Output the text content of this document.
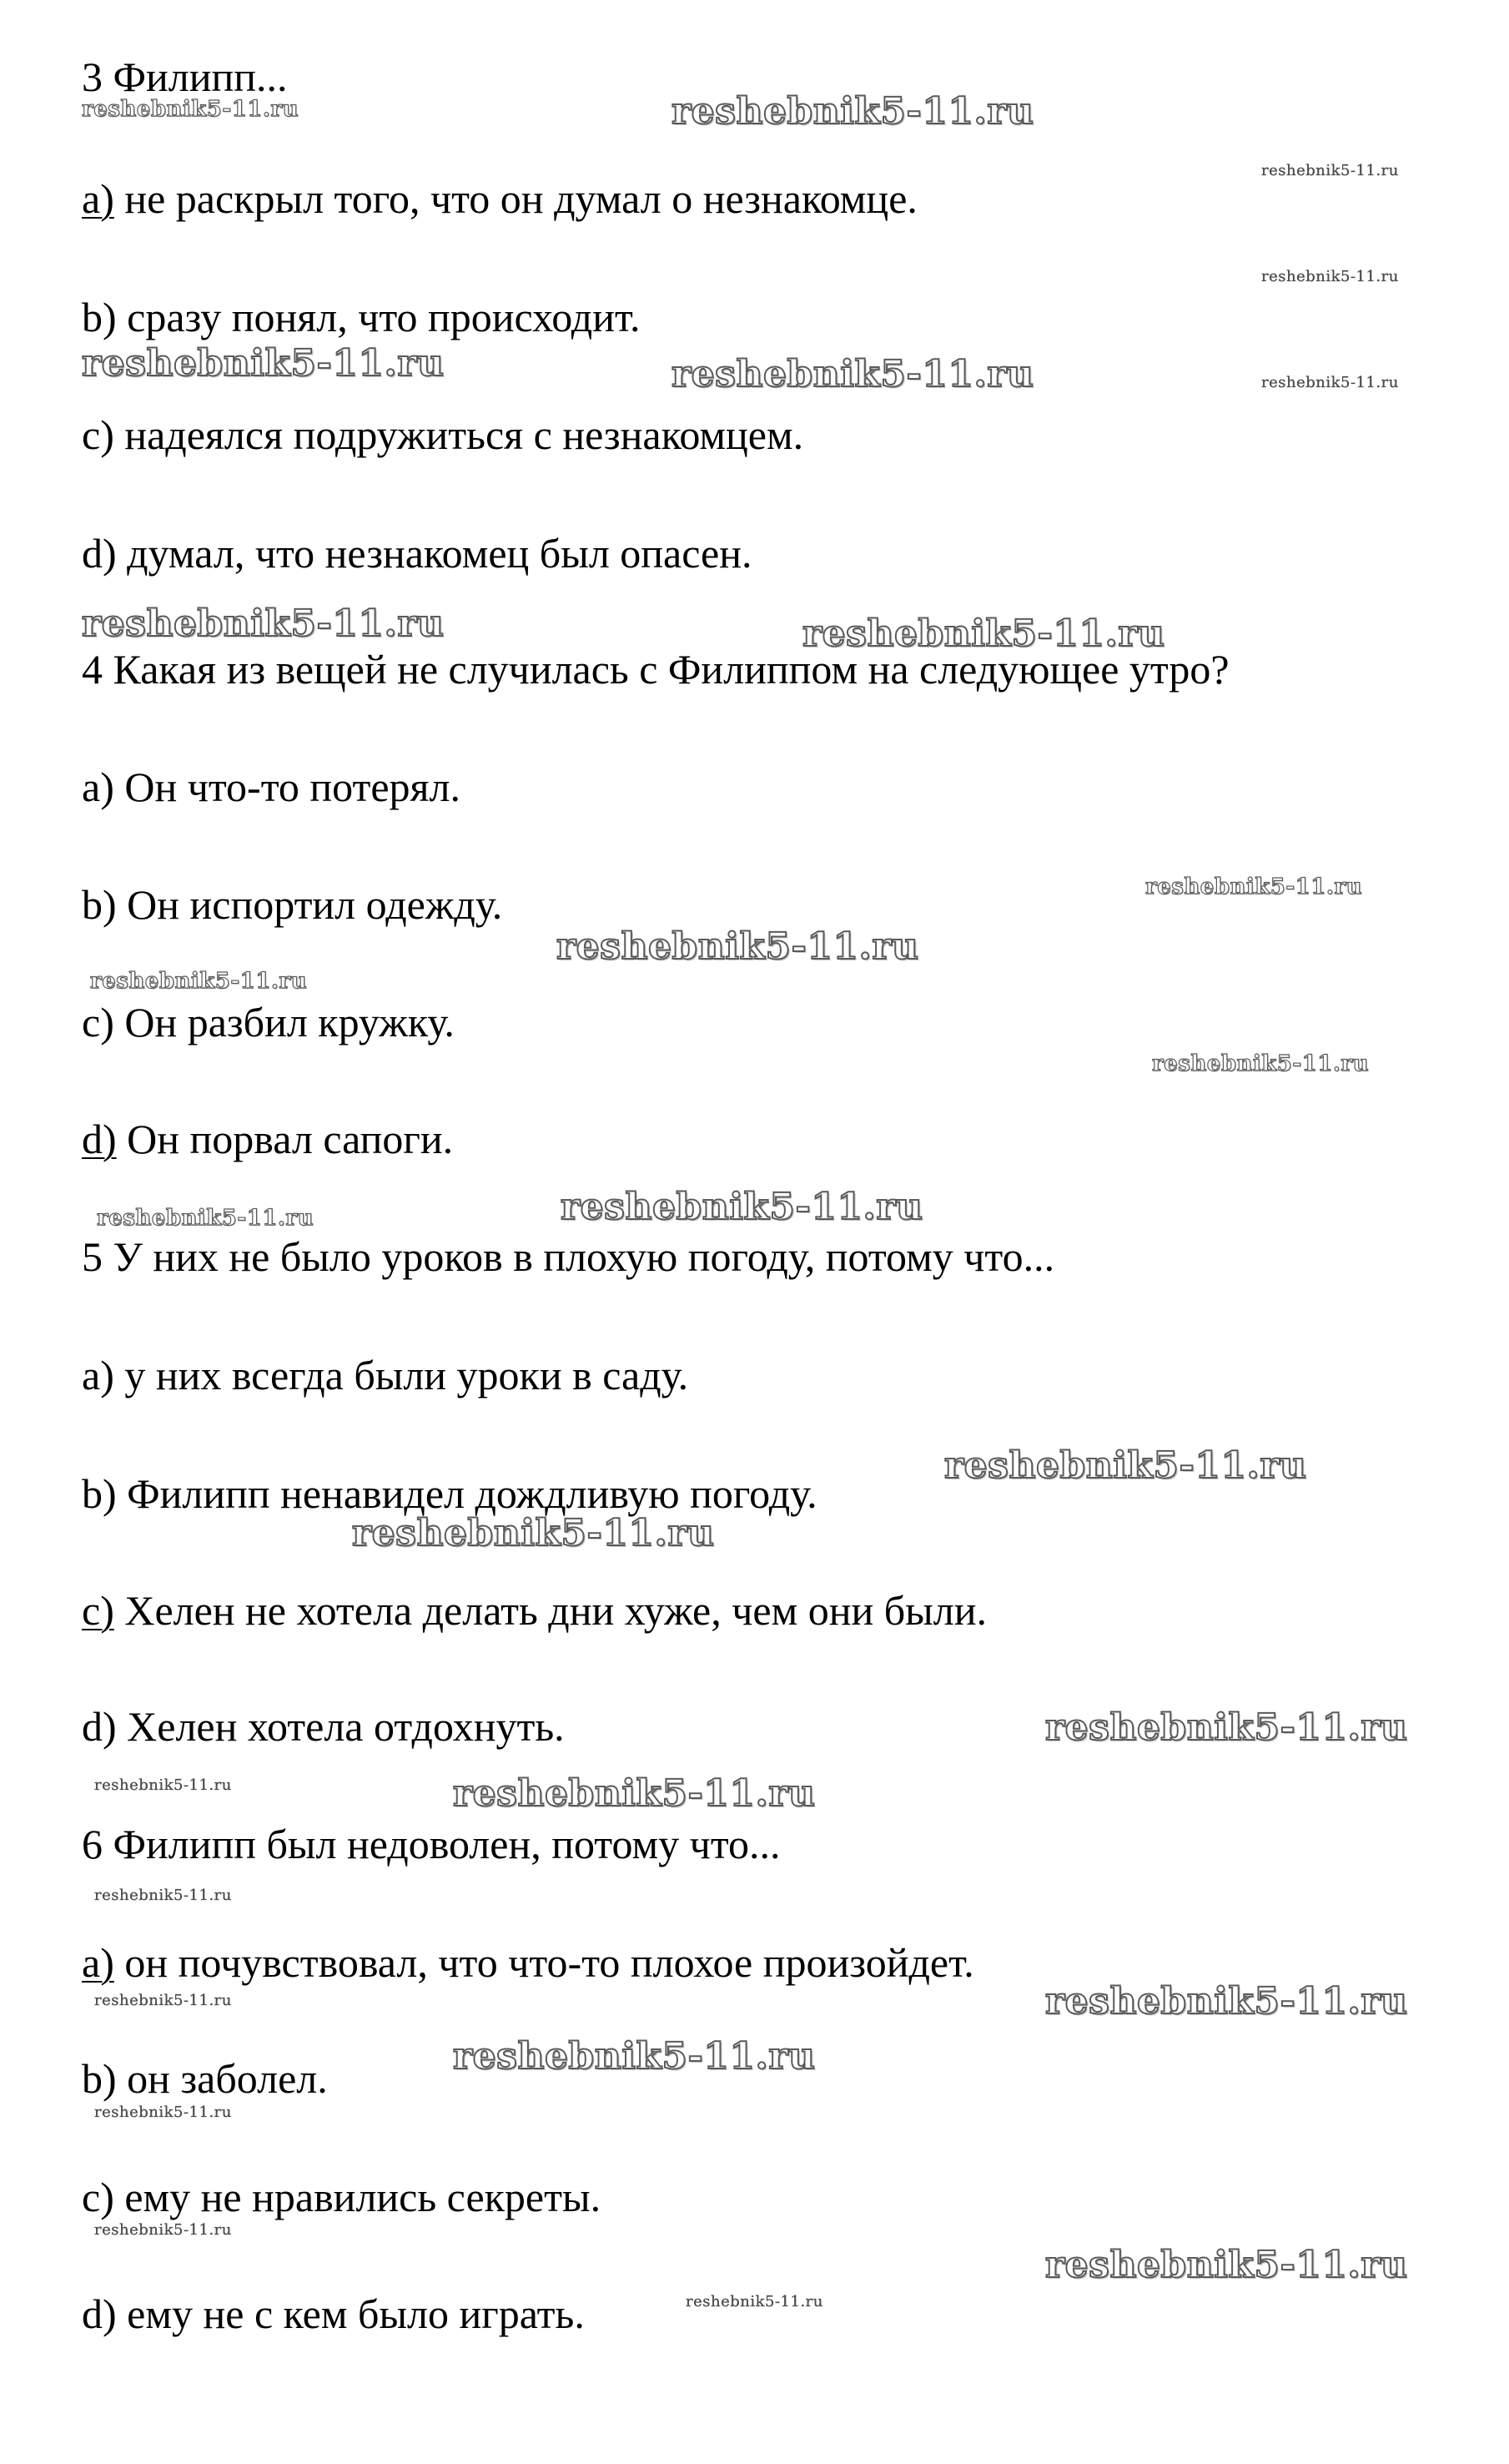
3 Филипп...

a) не раскрыл того, что он думал о незнакомце.

b) сразу понял, что происходит.

c) надеялся подружиться с незнакомцем.

d) думал, что незнакомец был опасен.

4 Какая из вещей не случилась с Филиппом на следующее утро?

a) Он что-то потерял.

b) Он испортил одежду.

c) Он разбил кружку.

d) Он порвал сапоги.

5 У них не было уроков в плохую погоду, потому что...

a) у них всегда были уроки в саду.

b) Филипп ненавидел дождливую погоду.

c) Хелен не хотела делать дни хуже, чем они были.

d) Хелен хотела отдохнуть.

6 Филипп был недоволен, потому что...

a) он почувствовал, что что-то плохое произойдет.

b) он заболел.

c) ему не нравились секреты.

d) ему не с кем было играть.

reshebnik5-11.ru	reshebnik5-11.ru
reshebnik5-11.ru
reshebnik5-11.ru
reshebnik5-11.ru	reshebnik5-11.ru	reshebnik5-11.ru
reshebnik5-11.ru	reshebnik5-11.ru
reshebnik5-11.ru
reshebnik5-11.ru
reshebnik5-11.ru
reshebnik5-11.ru
reshebnik5-11.ru
reshebnik5-11.ru
reshebnik5-11.ru
reshebnik5-11.ru
reshebnik5-11.ru
reshebnik5-11.ru	reshebnik5-11.ru
reshebnik5-11.ru
reshebnik5-11.ru	reshebnik5-11.ru
reshebnik5-11.ru
reshebnik5-11.ru
reshebnik5-11.ru
reshebnik5-11.ru
reshebnik5-11.ru
